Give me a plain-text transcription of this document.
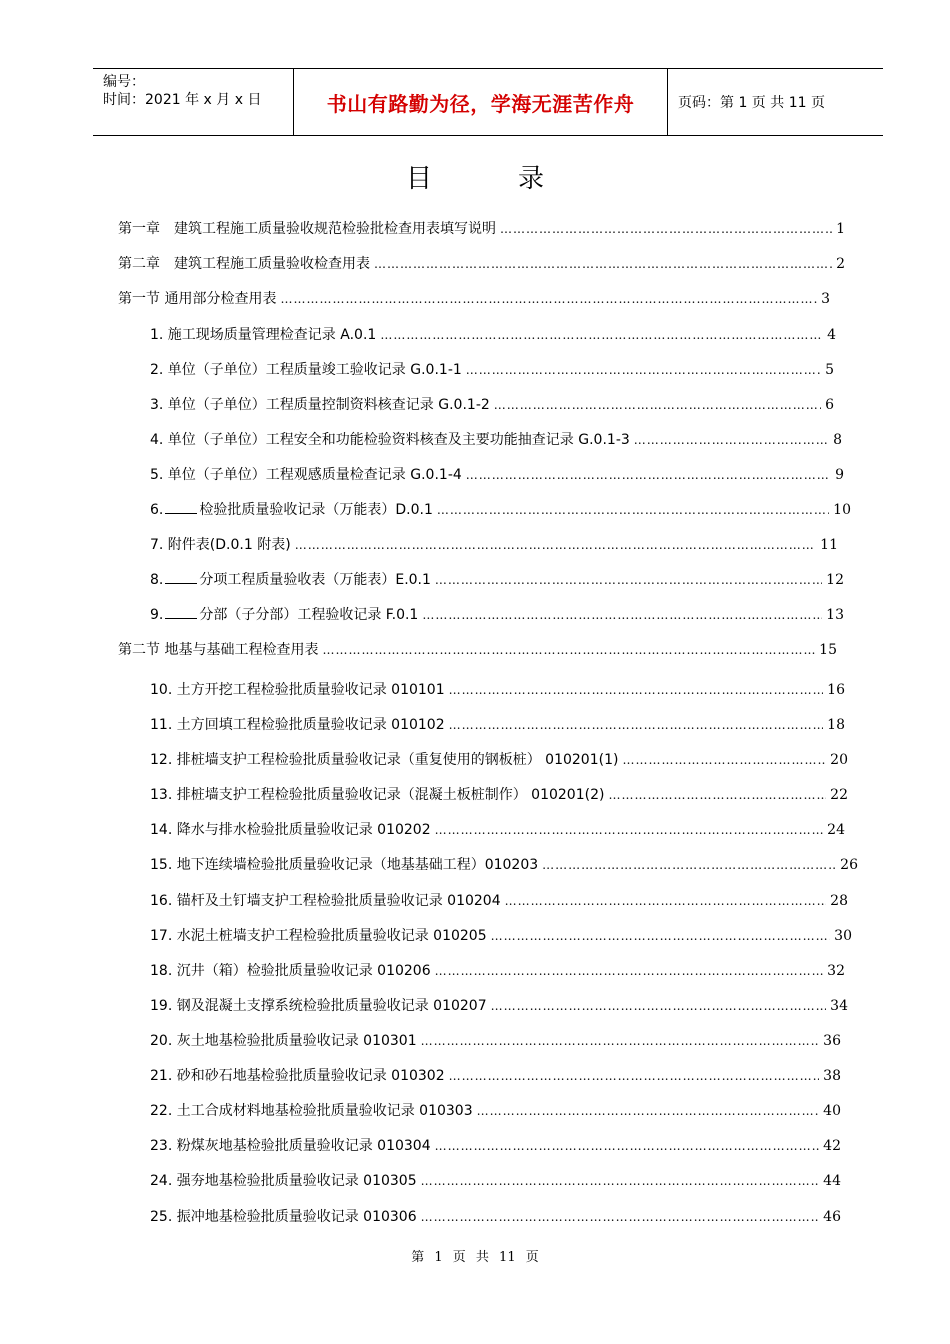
编号：
时间：2021 年 x 月 x 日	书山有路勤为径，学海无涯苦作舟	页码：第 1 页 共 11 页
目	录
第一章　建筑工程施工质量验收规范检验批检查用表填写说明 …………………………………………………………………………………………………………………………………………………………………………………………	1
第二章　建筑工程施工质量验收检查用表 …………………………………………………………………………………………………………………………………………………………………………………………	2
第一节 通用部分检查用表 …………………………………………………………………………………………………………………………………………………………………………………………	3
1. 施工现场质量管理检查记录 A.0.1 …………………………………………………………………………………………………………………………………………………………………………………………	4
2. 单位（子单位）工程质量竣工验收记录 G.0.1-1 …………………………………………………………………………………………………………………………………………………………………………………………	5
3. 单位（子单位）工程质量控制资料核查记录 G.0.1-2 …………………………………………………………………………………………………………………………………………………………………………………………	6
4. 单位（子单位）工程安全和功能检验资料核查及主要功能抽查记录 G.0.1-3 …………………………………………………………………………………………………………………………………………………………………………………………	8
5. 单位（子单位）工程观感质量检查记录 G.0.1-4 …………………………………………………………………………………………………………………………………………………………………………………………	9
6.	检验批质量验收记录（万能表）D.0.1 …………………………………………………………………………………………………………………………………………………………………………………………	10
7. 附件表(D.0.1 附表) …………………………………………………………………………………………………………………………………………………………………………………………	11
8.	分项工程质量验收表（万能表）E.0.1 …………………………………………………………………………………………………………………………………………………………………………………………	12
9.	分部（子分部）工程验收记录 F.0.1 …………………………………………………………………………………………………………………………………………………………………………………………	13
第二节 地基与基础工程检查用表 …………………………………………………………………………………………………………………………………………………………………………………………	15
10. 土方开挖工程检验批质量验收记录 010101 …………………………………………………………………………………………………………………………………………………………………………………………	16
11. 土方回填工程检验批质量验收记录 010102 …………………………………………………………………………………………………………………………………………………………………………………………	18
12. 排桩墙支护工程检验批质量验收记录（重复使用的钢板桩） 010201(1) …………………………………………………………………………………………………………………………………………………………………………………………	20
13. 排桩墙支护工程检验批质量验收记录（混凝土板桩制作） 010201(2) …………………………………………………………………………………………………………………………………………………………………………………………	22
14. 降水与排水检验批质量验收记录 010202 …………………………………………………………………………………………………………………………………………………………………………………………	24
15. 地下连续墙检验批质量验收记录（地基基础工程）010203 …………………………………………………………………………………………………………………………………………………………………………………………	26
16. 锚杆及土钉墙支护工程检验批质量验收记录 010204 …………………………………………………………………………………………………………………………………………………………………………………………	28
17. 水泥土桩墙支护工程检验批质量验收记录 010205 …………………………………………………………………………………………………………………………………………………………………………………………	30
18. 沉井（箱）检验批质量验收记录 010206 …………………………………………………………………………………………………………………………………………………………………………………………	32
19. 钢及混凝土支撑系统检验批质量验收记录 010207 …………………………………………………………………………………………………………………………………………………………………………………………	34
20. 灰土地基检验批质量验收记录 010301 …………………………………………………………………………………………………………………………………………………………………………………………	36
21. 砂和砂石地基检验批质量验收记录 010302 …………………………………………………………………………………………………………………………………………………………………………………………	38
22. 土工合成材料地基检验批质量验收记录 010303 …………………………………………………………………………………………………………………………………………………………………………………………	40
23. 粉煤灰地基检验批质量验收记录 010304 …………………………………………………………………………………………………………………………………………………………………………………………	42
24. 强夯地基检验批质量验收记录 010305 …………………………………………………………………………………………………………………………………………………………………………………………	44
25. 振冲地基检验批质量验收记录 010306 …………………………………………………………………………………………………………………………………………………………………………………………	46
第 1 页 共 11 页
